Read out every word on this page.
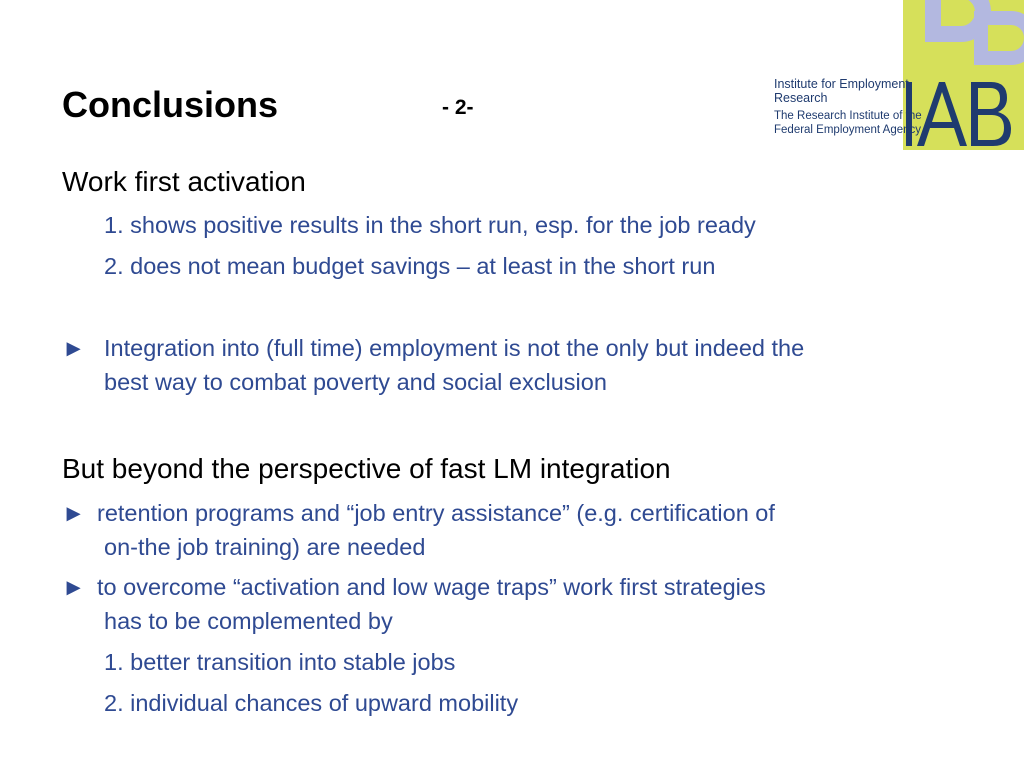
Institute for Employment
Research
The Research Institute of the
Federal Employment Agency
Conclusions	- 2-
Work first activation
1. shows positive results in the short run, esp. for the job ready
2. does not mean budget savings – at least in the short run
► Integration into (full time) employment is not the only but indeed the
best way to combat poverty and social exclusion
But beyond the perspective of fast LM integration
► retention programs and “job entry assistance” (e.g. certification of
on-the job training) are needed
► to overcome “activation and low wage traps” work first strategies
has to be complemented by
1. better transition into stable jobs
2. individual chances of upward mobility
